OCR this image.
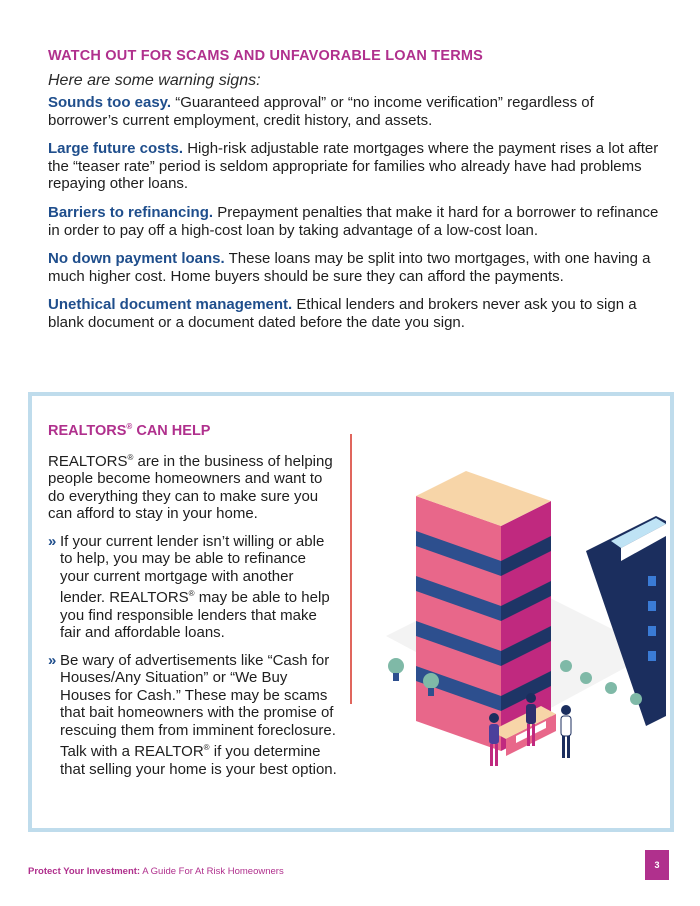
WATCH OUT FOR SCAMS AND UNFAVORABLE LOAN TERMS

Here are some warning signs:

Sounds too easy. “Guaranteed approval” or “no income verification” regardless of borrower’s current employment, credit history, and assets.

Large future costs. High-risk adjustable rate mortgages where the payment rises a lot after the “teaser rate” period is seldom appropriate for families who already have had problems repaying other loans.

Barriers to refinancing. Prepayment penalties that make it hard for a borrower to refinance in order to pay off a high-cost loan by taking advantage of a low-cost loan.

No down payment loans. These loans may be split into two mortgages, with one having a much higher cost. Home buyers should be sure they can afford the payments.

Unethical document management. Ethical lenders and brokers never ask you to sign a blank document or a document dated before the date you sign.

REALTORS® CAN HELP

REALTORS® are in the business of helping people become homeowners and want to do everything they can to make sure you can afford to stay in your home.

» If your current lender isn’t willing or able to help, you may be able to refinance your current mortgage with another lender. REALTORS® may be able to help you find responsible lenders that make fair and affordable loans.
» Be wary of advertisements like “Cash for Houses/Any Situation” or “We Buy Houses for Cash.” These may be scams that bait homeowners with the promise of rescuing them from imminent foreclosure. Talk with a REALTOR® if you determine that selling your home is your best option.
Protect Your Investment: A Guide For At Risk Homeowners
3
